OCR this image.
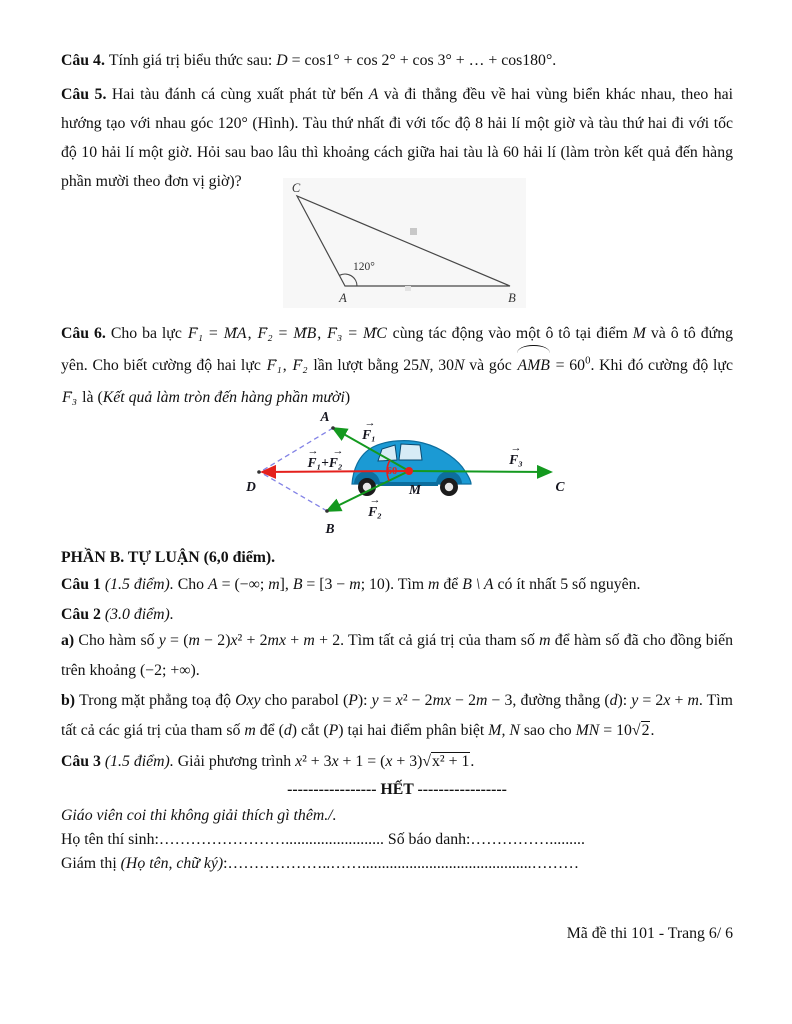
Câu 4. Tính giá trị biểu thức sau: D = cos1° + cos 2° + cos 3° + … + cos180°.
Câu 5. Hai tàu đánh cá cùng xuất phát từ bến A và đi thẳng đều về hai vùng biển khác nhau, theo hai hướng tạo với nhau góc 120° (Hình). Tàu thứ nhất đi với tốc độ 8 hải lí một giờ và tàu thứ hai đi với tốc độ 10 hải lí một giờ. Hỏi sau bao lâu thì khoảng cách giữa hai tàu là 60 hải lí (làm tròn kết quả đến hàng phần mười theo đơn vị giờ)?	C
A	B
120°
Câu 6. Cho ba lực F₁ → = MA →, F₂ → = MB →, F₃ → = MC → cùng tác động vào một ô tô tại điểm M và ô tô đứng yên. Cho biết cường độ hai lực F₁ →, F₂ → lần lượt bằng 25N, 30N và góc AMB = $60^0$. Khi đó cường độ lực F₃ → là (Kết quả làm tròn đến hàng phần mười)
A
B
C
D	M
F₁
F₂
F₃
F₁+F₂
→
→
→
→ →
60
PHẦN B. TỰ LUẬN (6,0 điểm).
Câu 1 (1.5 điểm). Cho A = (−∞; m], B = [3 − m; 10). Tìm m để B \ A có ít nhất 5 số nguyên.
Câu 2 (3.0 điểm).
a) Cho hàm số y = (m − 2)x² + 2mx + m + 2. Tìm tất cả giá trị của tham số m để hàm số đã cho đồng biến trên khoảng (−2; +∞).
b) Trong mặt phẳng toạ độ Oxy cho parabol (P): y = x² − 2mx − 2m − 3, đường thẳng (d): y = 2x + m. Tìm tất cả các giá trị của tham số m để (d) cắt (P) tại hai điểm phân biệt M, N sao cho MN = 10√2.
Câu 3 (1.5 điểm). Giải phương trình x² + 3x + 1 = (x + 3)√x² + 1.
----------------- HẾT -----------------
Giáo viên coi thi không giải thích gì thêm./.
Họ tên thí sinh:……………………......................... Số báo danh:…………….........
Giám thị (Họ tên, chữ ký):………………..……...........................................………
Mã đề thi 101 - Trang 6/ 6
